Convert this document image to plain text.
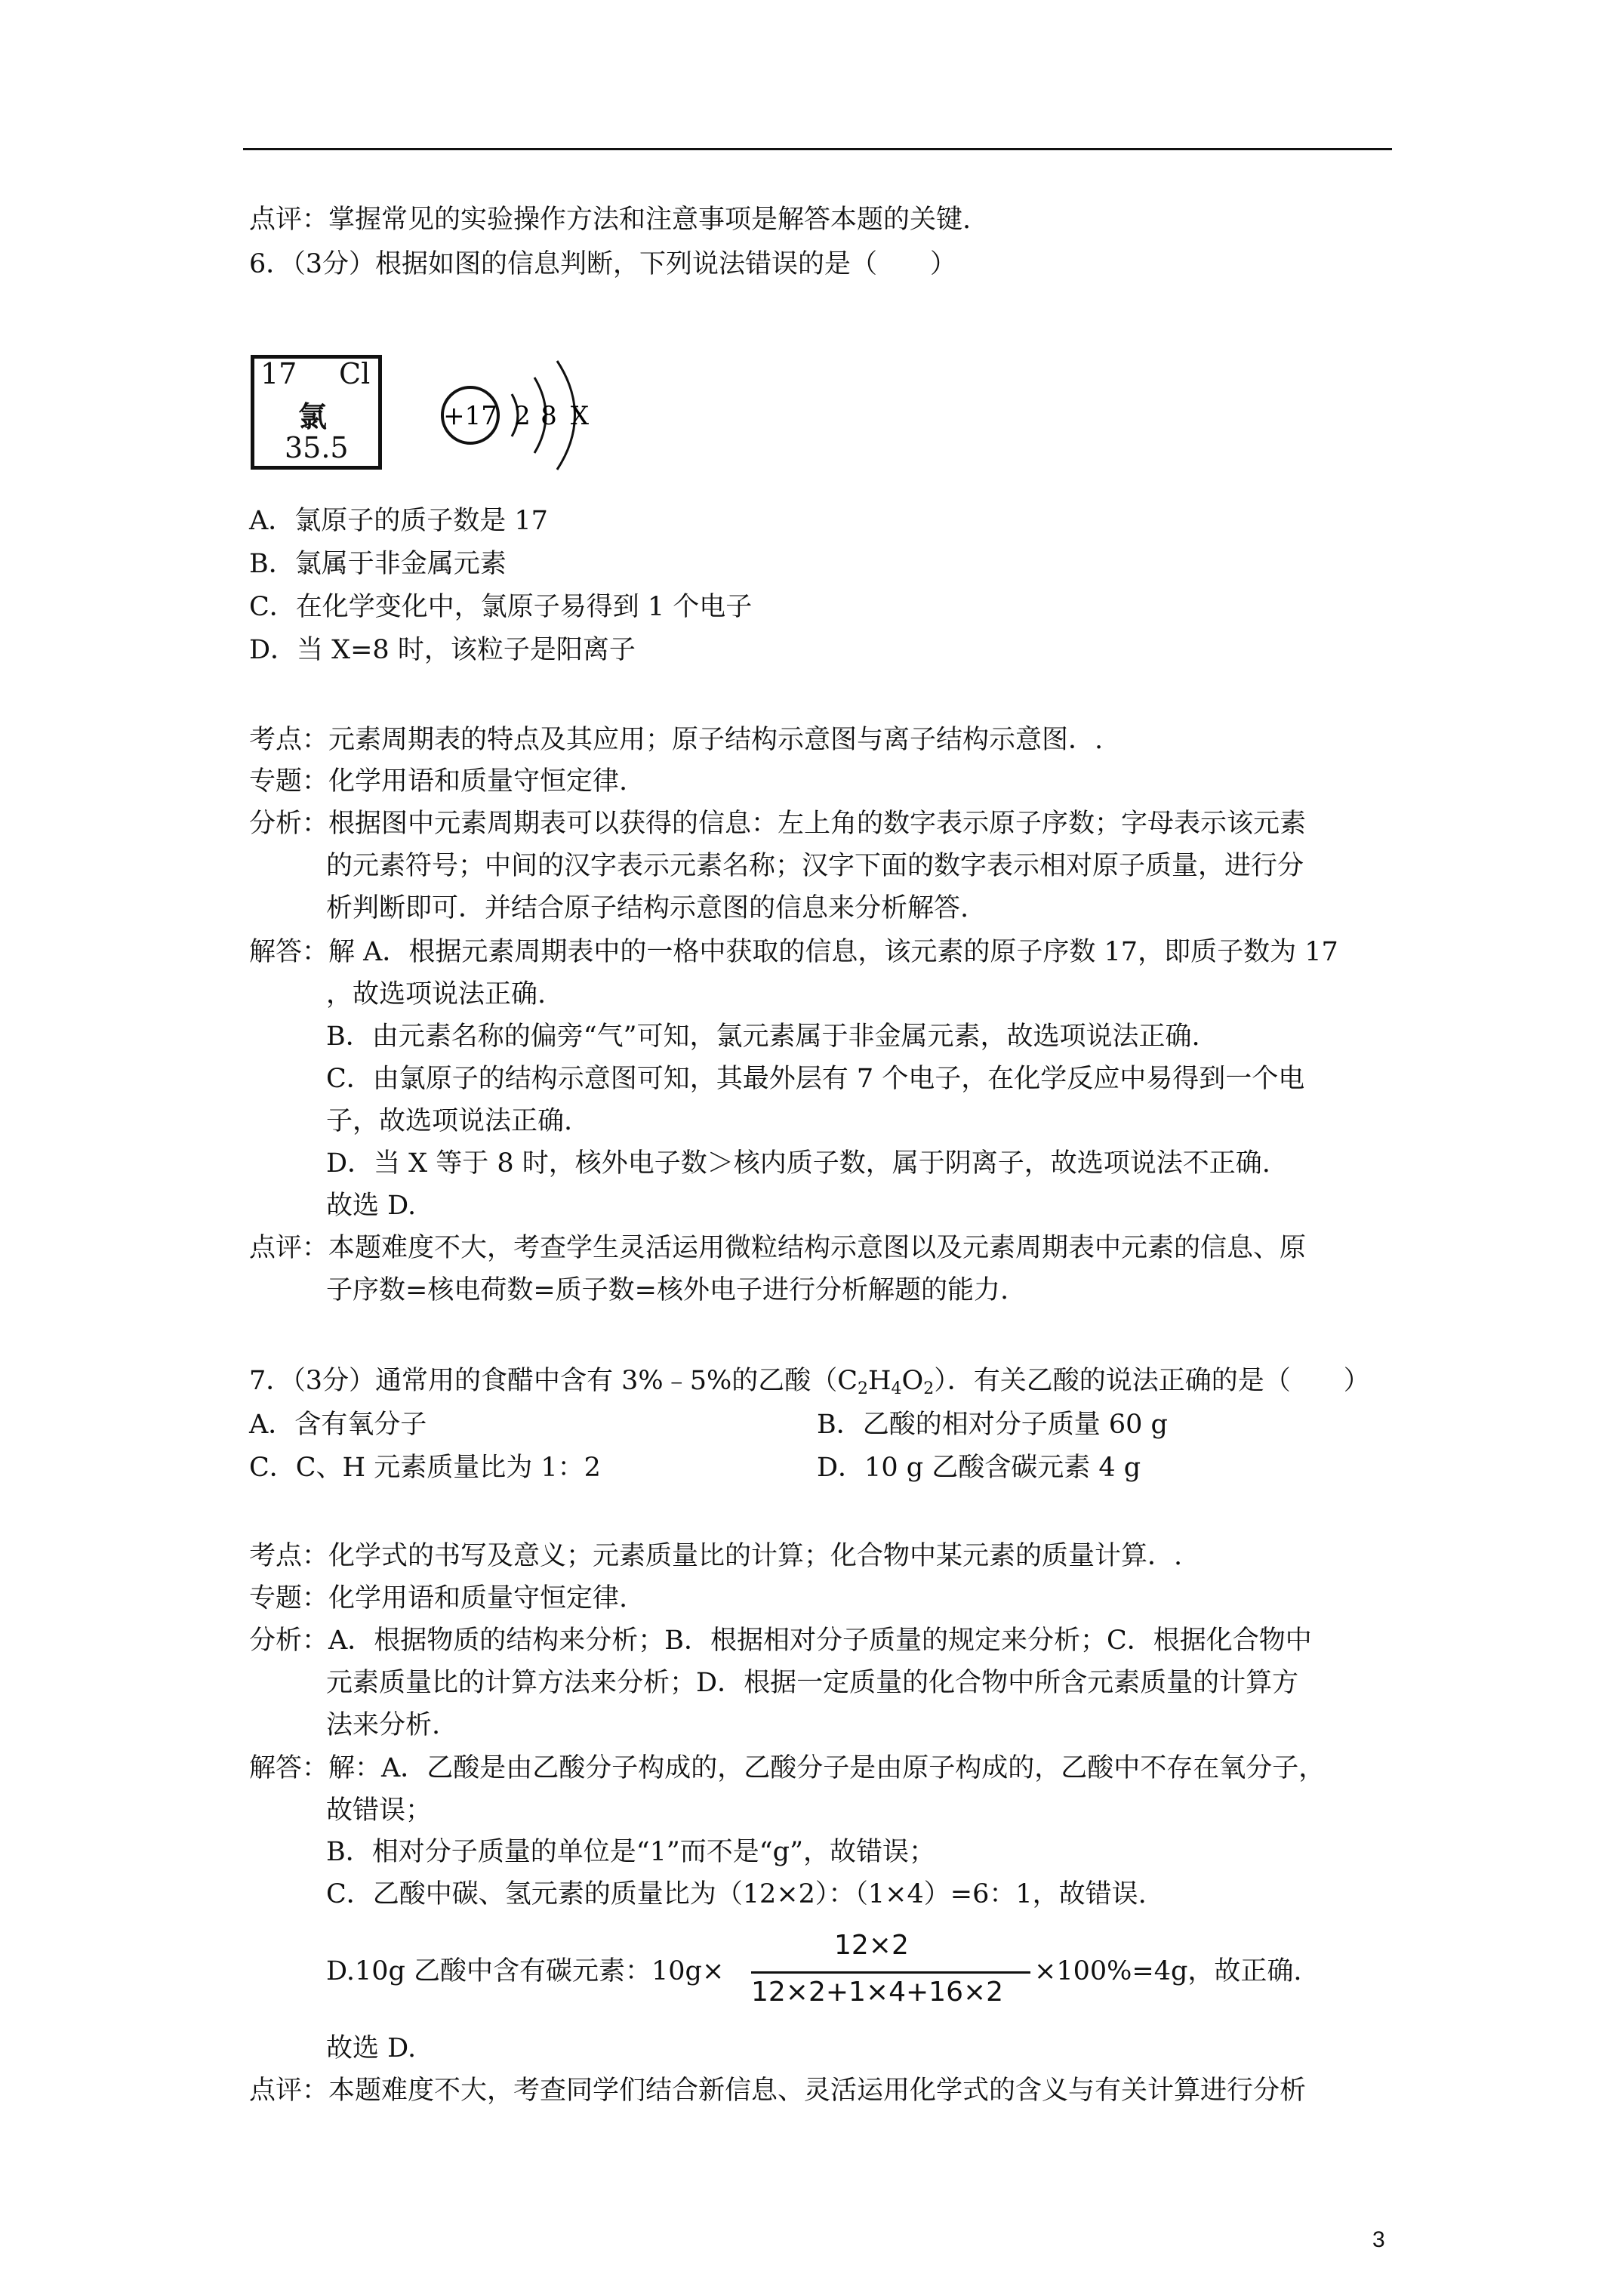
点评：掌握常见的实验操作方法和注意事项是解答本题的关键.
6．（3分）根据如图的信息判断，下列说法错误的是（　　）
17 Cl
氯
35.5
+17 2 8 X
A．氯原子的质子数是 17
B．氯属于非金属元素
C．在化学变化中，氯原子易得到 1 个电子
D．当 X=8 时，该粒子是阳离子
考点：元素周期表的特点及其应用；原子结构示意图与离子结构示意图．.
专题：化学用语和质量守恒定律.
分析：根据图中元素周期表可以获得的信息：左上角的数字表示原子序数；字母表示该元素
的元素符号；中间的汉字表示元素名称；汉字下面的数字表示相对原子质量，进行分
析判断即可．并结合原子结构示意图的信息来分析解答.
解答：解 A．根据元素周期表中的一格中获取的信息，该元素的原子序数 17，即质子数为 17
，故选项说法正确.
B．由元素名称的偏旁“气”可知，氯元素属于非金属元素，故选项说法正确.
C．由氯原子的结构示意图可知，其最外层有 7 个电子，在化学反应中易得到一个电
子，故选项说法正确.
D．当 X 等于 8 时，核外电子数＞核内质子数，属于阴离子，故选项说法不正确.
故选 D.
点评：本题难度不大，考查学生灵活运用微粒结构示意图以及元素周期表中元素的信息、原
子序数=核电荷数=质子数=核外电子进行分析解题的能力.
7．（3分）通常用的食醋中含有 3%﹣5%的乙酸$(C_2H_4O_2)$．有关乙酸的说法正确的是（　　）
A．含有氧分子	B．乙酸的相对分子质量 60 g
C．C、H 元素质量比为 1：2	D．10 g 乙酸含碳元素 4 g
考点：化学式的书写及意义；元素质量比的计算；化合物中某元素的质量计算．.
专题：化学用语和质量守恒定律.
分析：A．根据物质的结构来分析；B．根据相对分子质量的规定来分析；C．根据化合物中
元素质量比的计算方法来分析；D．根据一定质量的化合物中所含元素质量的计算方
法来分析.
解答：解：A．乙酸是由乙酸分子构成的，乙酸分子是由原子构成的，乙酸中不存在氧分子，
故错误；
B．相对分子质量的单位是“1”而不是“g”，故错误；
C．乙酸中碳、氢元素的质量比为（12×2）：（1×4）=6：1，故错误.
D.10g 乙酸中含有碳元素：10g×
12×2
12×2+1×4+16×2
×100%=4g，故正确.
故选 D.
点评：本题难度不大，考查同学们结合新信息、灵活运用化学式的含义与有关计算进行分析
3
